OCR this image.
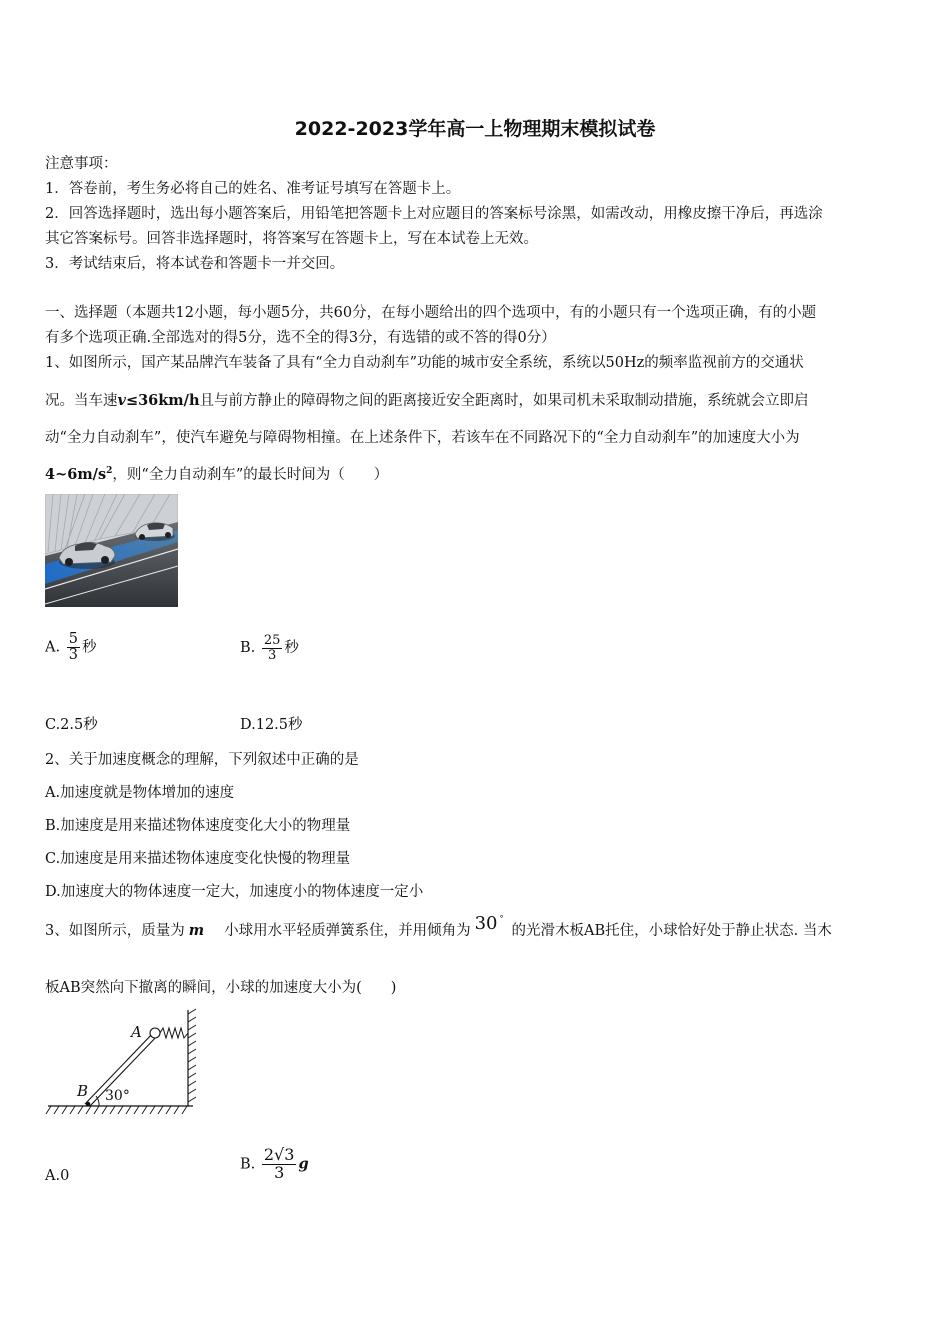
2022-2023学年高一上物理期末模拟试卷
注意事项：
1．答卷前，考生务必将自己的姓名、准考证号填写在答题卡上。
2．回答选择题时，选出每小题答案后，用铅笔把答题卡上对应题目的答案标号涂黑，如需改动，用橡皮擦干净后，再选涂
其它答案标号。回答非选择题时，将答案写在答题卡上，写在本试卷上无效。
3．考试结束后，将本试卷和答题卡一并交回。
一、选择题（本题共12小题，每小题5分，共60分，在每小题给出的四个选项中，有的小题只有一个选项正确，有的小题
有多个选项正确.全部选对的得5分，选不全的得3分，有选错的或不答的得0分）
1、如图所示，国产某品牌汽车装备了具有“全力自动刹车”功能的城市安全系统，系统以50Hz的频率监视前方的交通状
况。当车速v≤36km/h且与前方静止的障碍物之间的距离接近安全距离时，如果司机未采取制动措施，系统就会立即启
动“全力自动刹车”，使汽车避免与障碍物相撞。在上述条件下，若该车在不同路况下的“全力自动刹车”的加速度大小为
$4\sim 6m/s^2$，则“全力自动刹车”的最长时间为（　　）
A. $\frac{5}{3}$ 秒	B. $\frac{25}{3}$ 秒
C.2.5秒	D.12.5秒
2、关于加速度概念的理解，下列叙述中正确的是
A.加速度就是物体增加的速度
B.加速度是用来描述物体速度变化大小的物理量
C.加速度是用来描述物体速度变化快慢的物理量
D.加速度大的物体速度一定大，加速度小的物体速度一定小
3、如图所示，质量为 m 小球用水平轻质弹簧系住，并用倾角为 30 °的光滑木板AB托住，小球恰好处于静止状态. 当木
板AB突然向下撤离的瞬间，小球的加速度大小为(　　)
A
B 30°
A.0
B. $\frac{2√3}{3}$ g
